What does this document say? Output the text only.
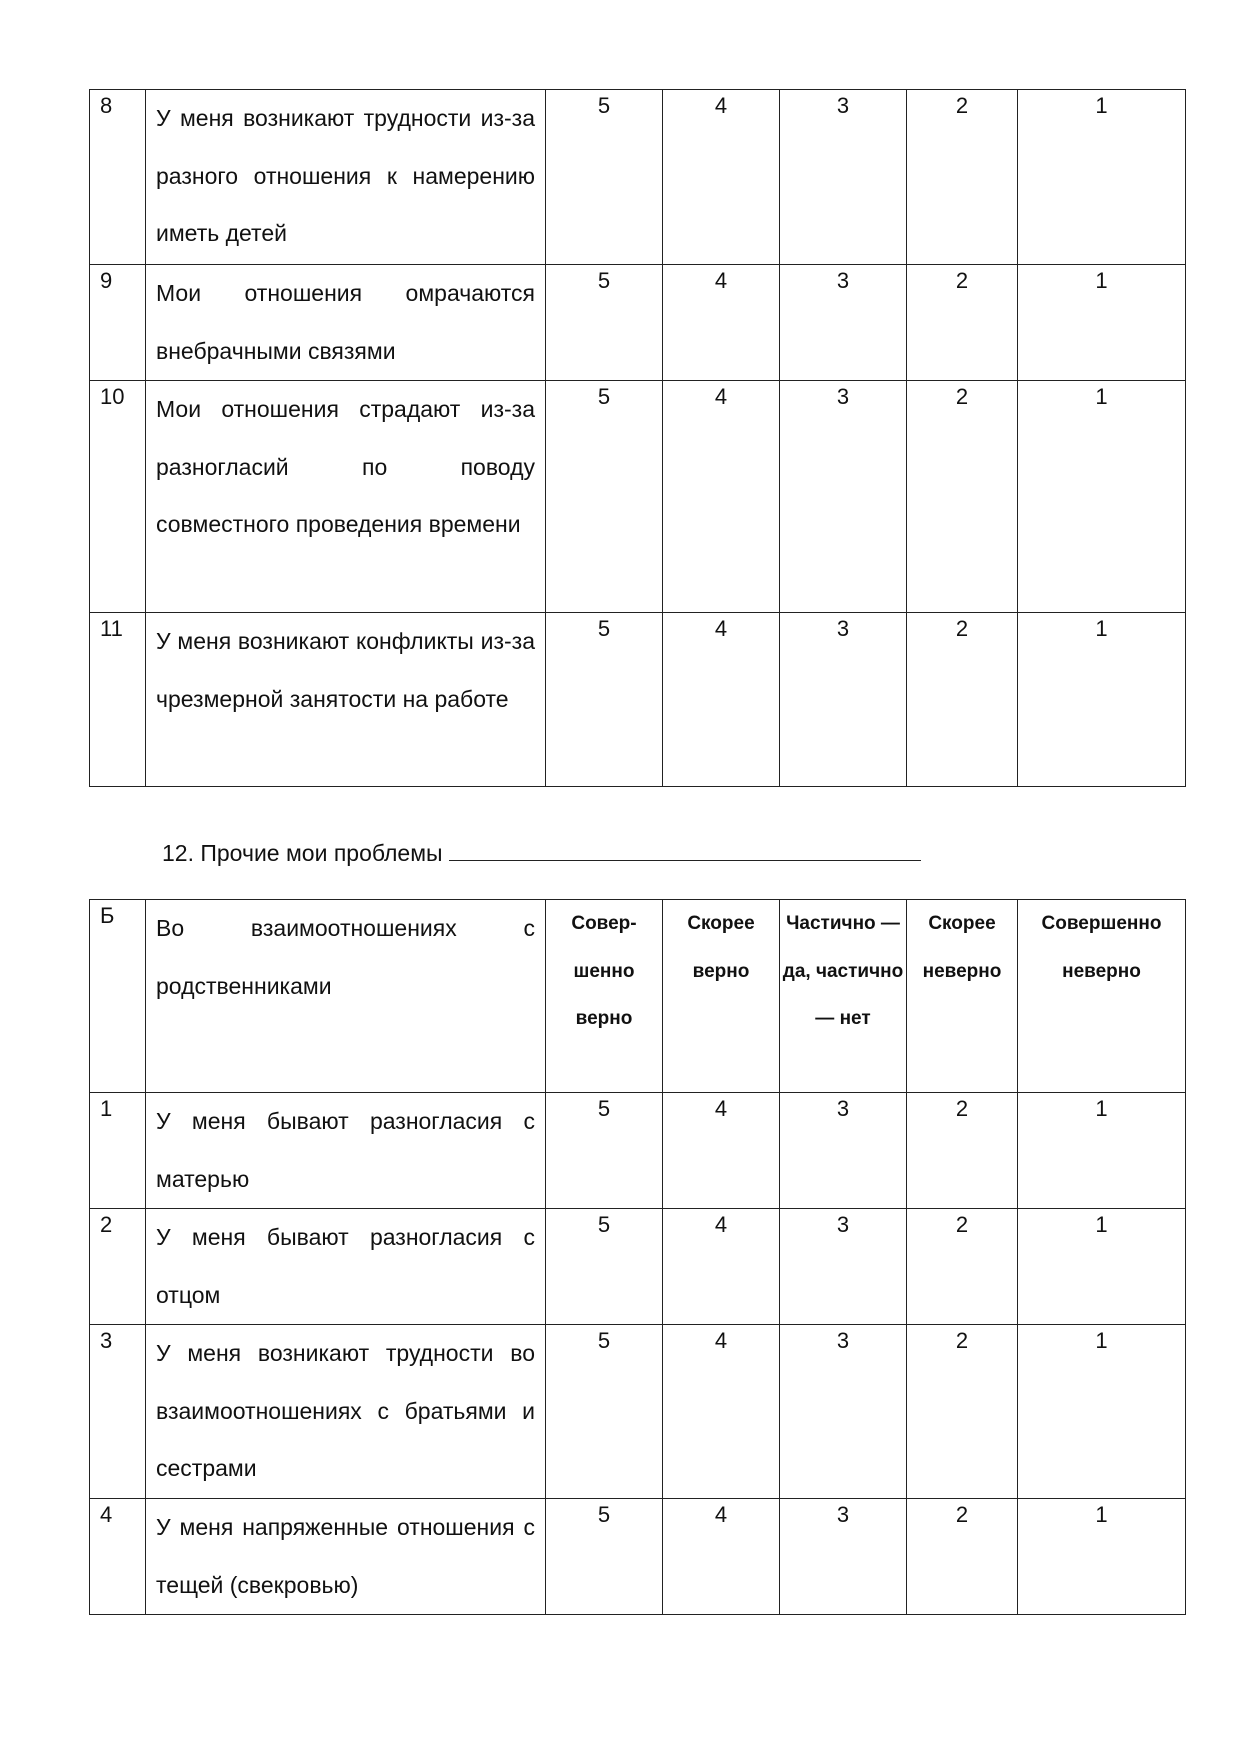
8	У меня возникают трудности из-за разного отношения к намерению иметь детей	5	4	3	2	1

9	Мои отношения омрачаются внебрачными связями	5	4	3	2	1

10	Мои отношения страдают из-за разногласий по поводу совместного проведения времени	5	4	3	2	1

11	У меня возникают конфликты из-за чрезмерной занятости на работе	5	4	3	2	1
12. Прочие мои проблемы
Б	Во взаимоотношениях с родственниками	Совер-шенно верно	Скорее верно	Частично — да, частично — нет	Скорее неверно	Совершенно неверно

1	У меня бывают разногласия с матерью	5	4	3	2	1

2	У меня бывают разногласия с отцом	5	4	3	2	1

3	У меня возникают трудности во взаимоотношениях с братьями и сестрами	5	4	3	2	1

4	У меня напряженные отношения с тещей (свекровью)	5	4	3	2	1
